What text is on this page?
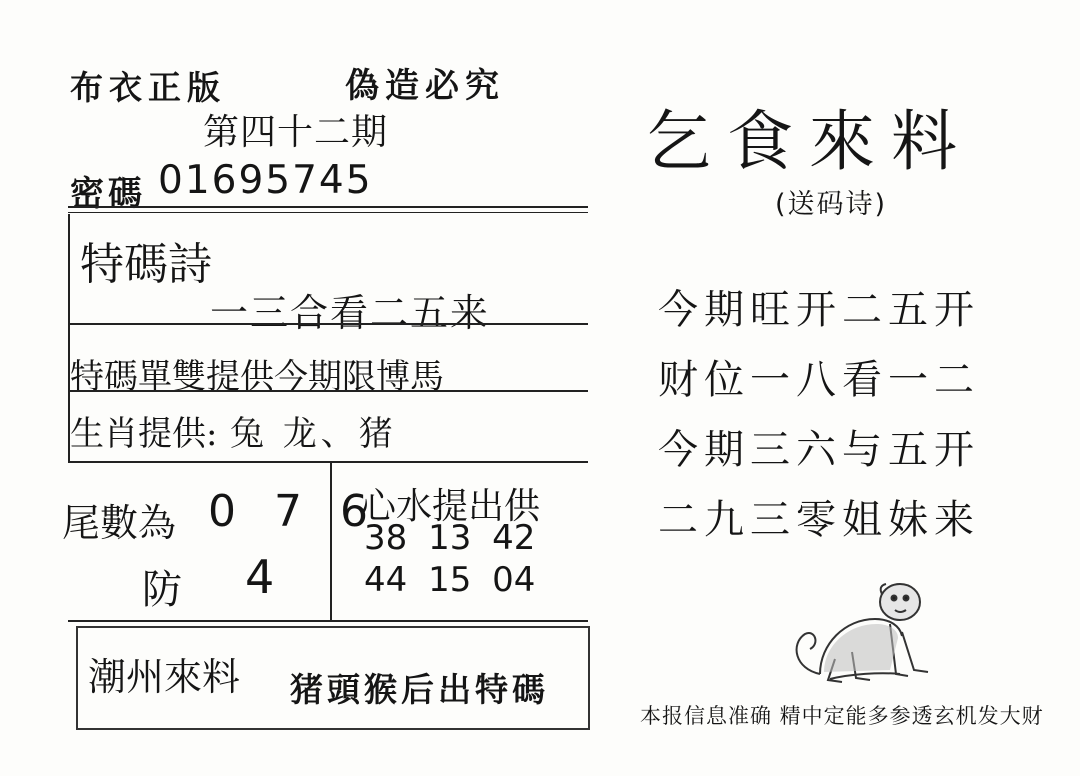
布衣正版	偽造必究
第四十二期
密碼 01695745
特碼詩
一三合看二五来
特碼單雙提供今期限博馬
生肖提供: 兔 龙、猪
尾數為 0 7 6
防 4
心水提出供
38 13 42
44 15 04
潮州來料 猪頭猴后出特碼
乞食來料
(送码诗)
今期旺开二五开
财位一八看一二
今期三六与五开
二九三零姐妹来
本报信息准确 精中定能多参透玄机发大财
